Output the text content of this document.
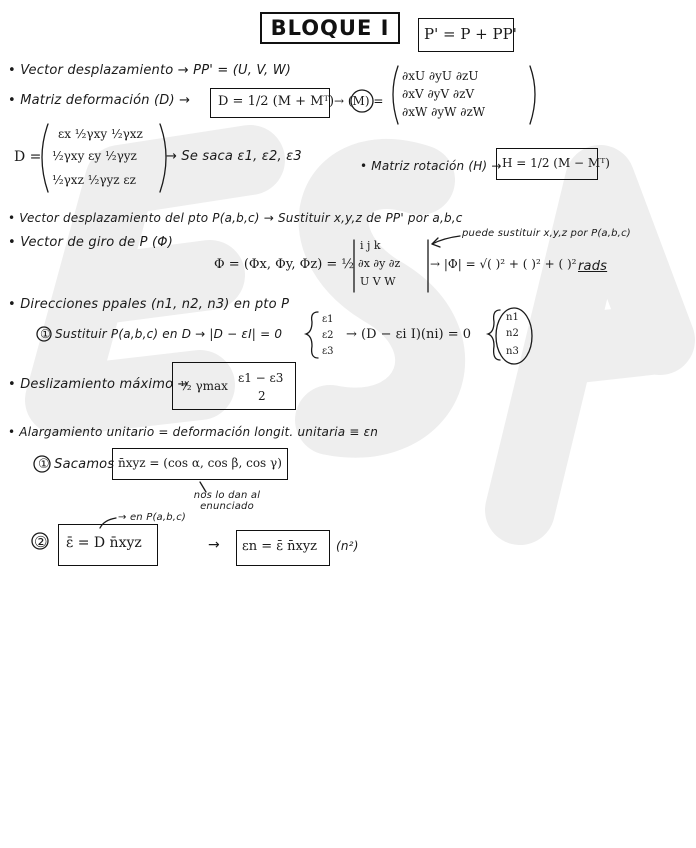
BLOQUE I	P' = P + PP'
• Vector desplazamiento → PP' = (U, V, W)
• Matriz deformación (D) → D = 1/2 (M + Mᵀ) → (M) =
∂xU ∂yU ∂zU
∂xV ∂yV ∂zV
∂xW ∂yW ∂zW
D =
εx ½γxy ½γxz
½γxy εy ½γyz
½γxz ½γyz εz
→ Se saca ε1, ε2, ε3
• Matriz rotación (H) → H = 1/2 (M − Mᵀ)
• Vector desplazamiento del pto P(a,b,c) → Sustituir x,y,z de PP' por a,b,c
• Vector de giro de P (Φ)
puede sustituir x,y,z por P(a,b,c)
Φ = (Φx, Φy, Φz) = ½
i j k
∂x ∂y ∂z
U V W
→ |Φ| = √( )² + ( )² + ( )² rads
• Direcciones ppales (n1, n2, n3) en pto P
① Sustituir P(a,b,c) en D → |D − εI| = 0
ε1
ε2
ε3
→ (D − εi I)(ni) = 0
n1
n2
n3
• Deslizamiento máximo →
½ γmax
ε1 − ε3
2
• Alargamiento unitario = deformación longit. unitaria ≡ εn
① Sacamos n̄xyz = (cos α, cos β, cos γ)
nos lo dan al enunciado
→ en P(a,b,c)
② ε̄ = D n̄xyz	→ εn = ε̄ n̄xyz (n²)
